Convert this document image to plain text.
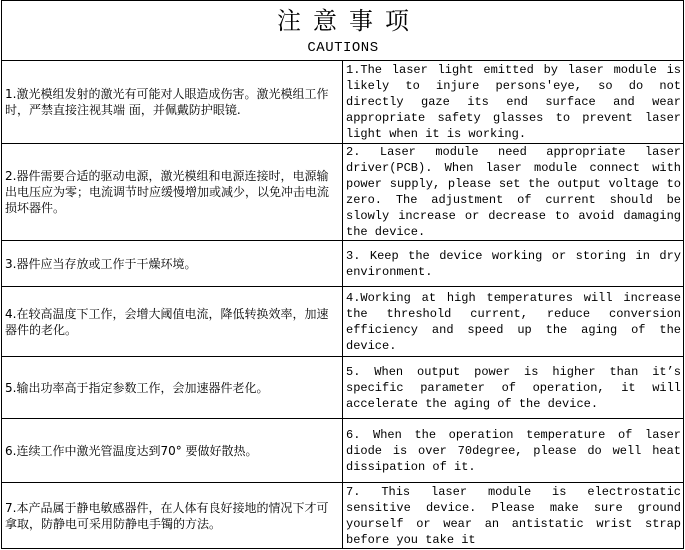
注意事项
CAUTIONS	

1.激光模组发射的激光有可能对人眼造成伤害。激光模组工作时，严禁直接注视其端 面，并佩戴防护眼镜.	1.The laser light emitted by laser module is likely to injure persons'eye, so do not directly gaze its end surface and wear appropriate safety glasses to prevent laser light when it is working.
2.器件需要合适的驱动电源，激光模组和电源连接时，电源输出电压应为零；电流调节时应缓慢增加或减少，以免冲击电流损坏器件。	2. Laser module need appropriate laser driver(PCB). When laser module connect with power supply, please set the output voltage to zero. The adjustment of current should be slowly increase or decrease to avoid damaging the device.
3.器件应当存放或工作于干燥环境。	3. Keep the device working or storing in dry environment.
4.在较高温度下工作，会增大阈值电流，降低转换效率，加速器件的老化。	4.Working at high temperatures will increase the threshold current, reduce conversion efficiency and speed up the aging of the device.
5.输出功率高于指定参数工作，会加速器件老化。	5. When output power is higher than it’s specific parameter of operation, it will accelerate the aging of the device.
6.连续工作中激光管温度达到70° 要做好散热。	6. When the operation temperature of laser diode is over 70degree, please do well heat dissipation of it.
7.本产品属于静电敏感器件，在人体有良好接地的情况下才可拿取，防静电可采用防静电手镯的方法。	7. This laser module is electrostatic sensitive device. Please make sure ground yourself or wear an antistatic wrist strap before you take it
